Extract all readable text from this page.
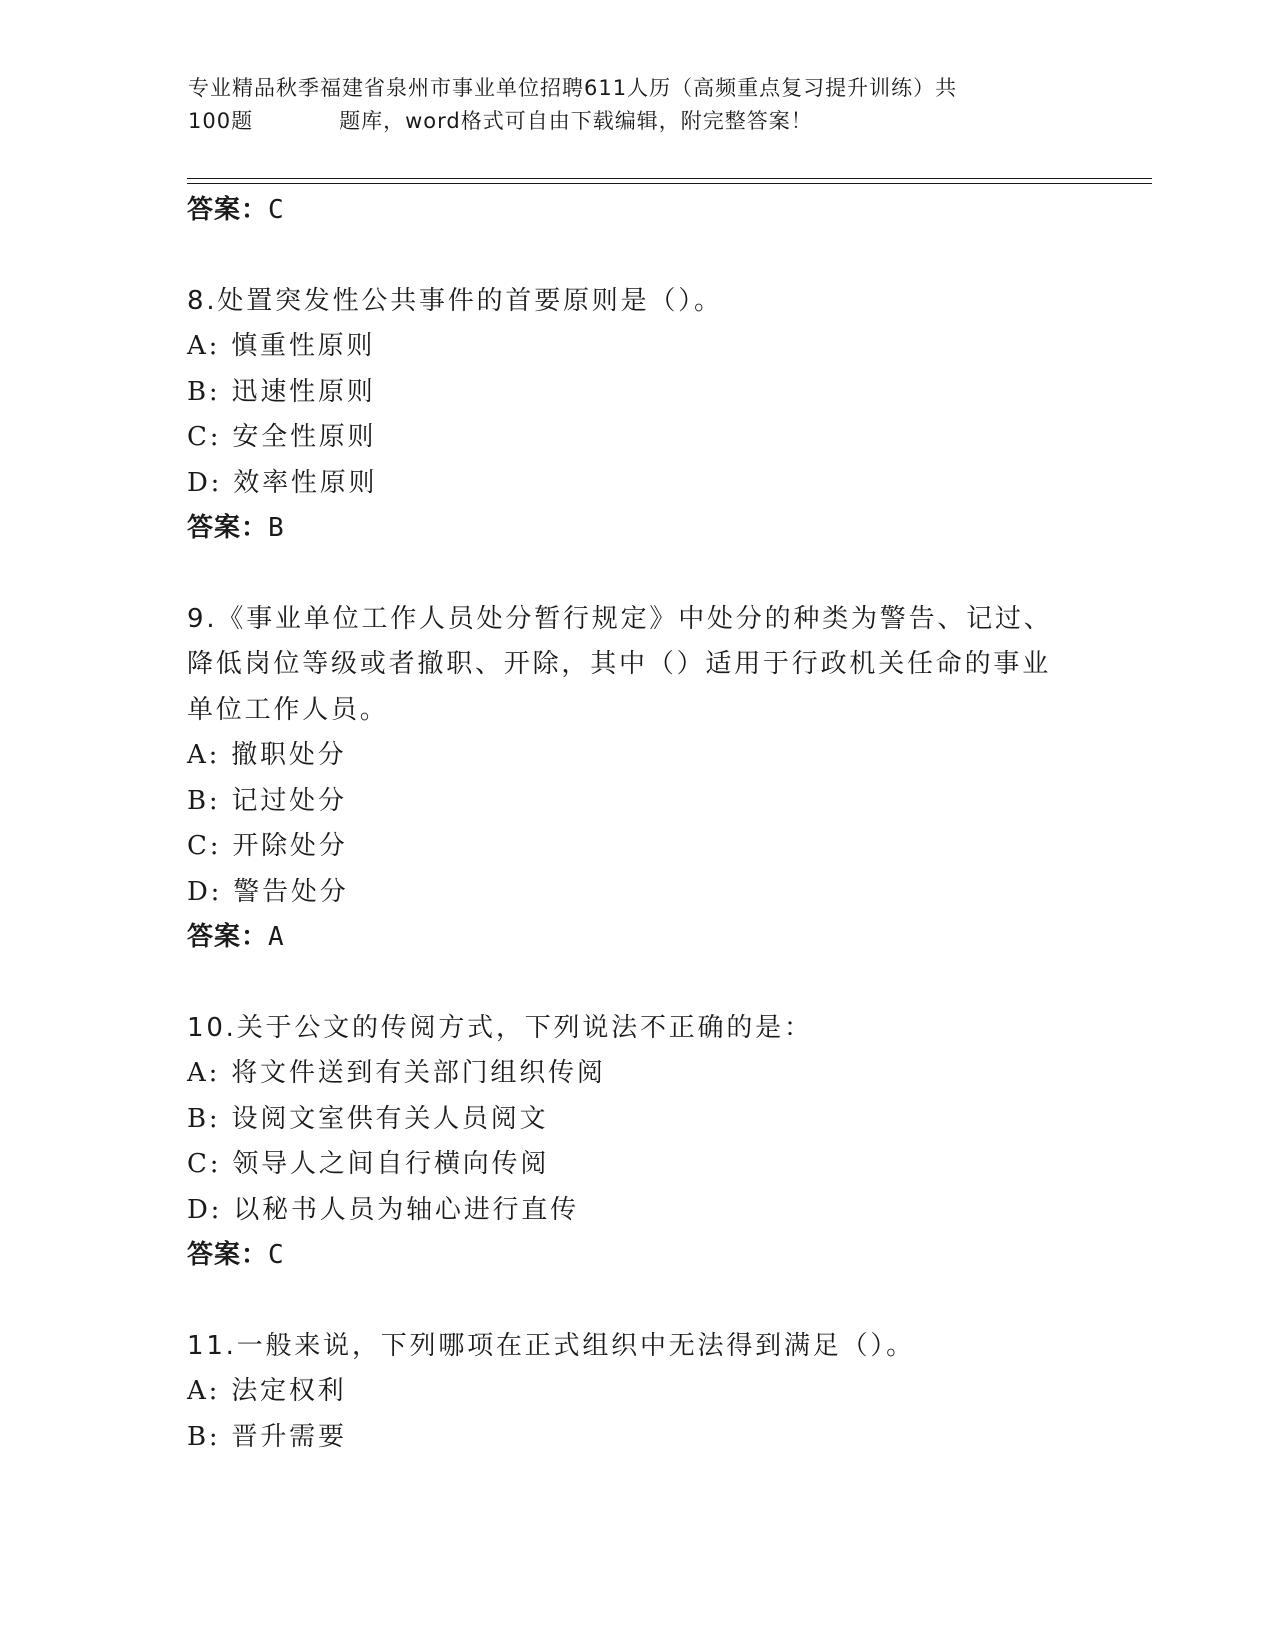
专业精品秋季福建省泉州市事业单位招聘611人历（高频重点复习提升训练）共
100题	题库，word格式可自由下载编辑，附完整答案！
答案：C
8.处置突发性公共事件的首要原则是（）。
A: 慎重性原则
B: 迅速性原则
C: 安全性原则
D: 效率性原则
答案：B
9.《事业单位工作人员处分暂行规定》中处分的种类为警告、记过、
降低岗位等级或者撤职、开除，其中（）适用于行政机关任命的事业
单位工作人员。
A: 撤职处分
B: 记过处分
C: 开除处分
D: 警告处分
答案：A
10.关于公文的传阅方式，下列说法不正确的是：
A: 将文件送到有关部门组织传阅
B: 设阅文室供有关人员阅文
C: 领导人之间自行横向传阅
D: 以秘书人员为轴心进行直传
答案：C
11.一般来说，下列哪项在正式组织中无法得到满足（）。
A: 法定权利
B: 晋升需要
